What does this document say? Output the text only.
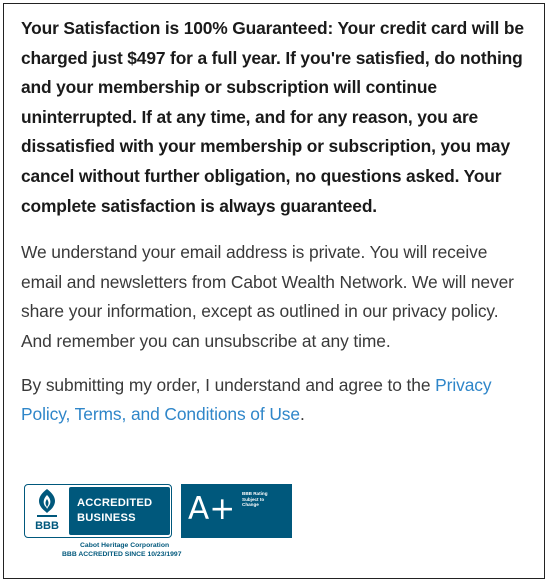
Your Satisfaction is 100% Guaranteed: Your credit card will be charged just $497 for a full year. If you're satisfied, do nothing and your membership or subscription will continue uninterrupted. If at any time, and for any reason, you are dissatisfied with your membership or subscription, you may cancel without further obligation, no questions asked. Your complete satisfaction is always guaranteed.

We understand your email address is private. You will receive email and newsletters from Cabot Wealth Network. We will never share your information, except as outlined in our privacy policy. And remember you can unsubscribe at any time.

By submitting my order, I understand and agree to the Privacy Policy, Terms, and Conditions of Use.

BBB
ACCREDITED
BUSINESS	A+ BBB Rating Subject to Change
Cabot Heritage Corporation
BBB ACCREDITED SINCE 10/23/1997
